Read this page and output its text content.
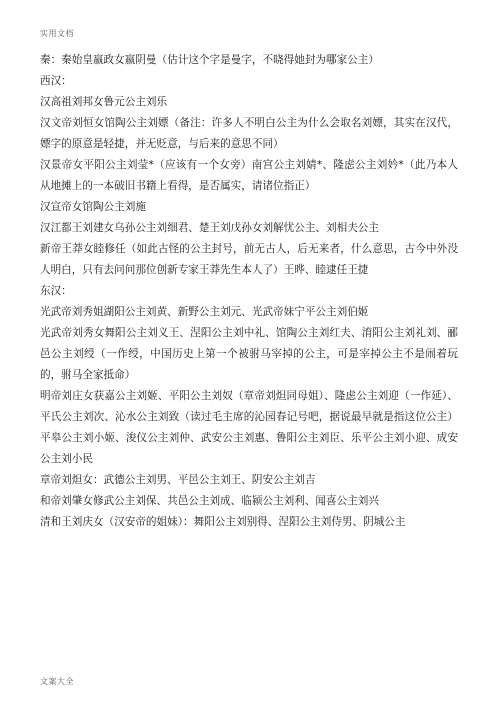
实用文档

秦：秦始皇嬴政女嬴阴曼（估计这个字是曼字，不晓得她封为哪家公主）

西汉：

汉高祖刘邦女鲁元公主刘乐

汉文帝刘恒女馆陶公主刘嫖（备注：许多人不明白公主为什么会取名刘嫖，其实在汉代，嫖字的原意是轻捷，并无贬意，与后来的意思不同）

汉景帝女平阳公主刘莹*（应该有一个女旁）南宫公主刘婧*、隆虑公主刘妗*（此乃本人从地摊上的一本破旧书籍上看得，是否属实，请诸位指正）

汉宣帝女馆陶公主刘施

汉江都王刘建女乌孙公主刘细君、楚王刘戊孙女刘解忧公主、刘相夫公主

新帝王莽女睦修任（如此古怪的公主封号，前无古人，后无来者，什么意思，古今中外没人明白，只有去问问那位创新专家王莽先生本人了）王晔、睦逮任王捷

东汉：

光武帝刘秀姐湖阳公主刘黄、新野公主刘元、光武帝妹宁平公主刘伯姬

光武帝刘秀女舞阳公主刘义王、涅阳公主刘中礼、馆陶公主刘红夫、淯阳公主刘礼刘、郦邑公主刘绶（一作绶，中国历史上第一个被驸马宰掉的公主，可是宰掉公主不是闹着玩的，驸马全家抵命）

明帝刘庄女获嘉公主刘姬、平阳公主刘奴（章帝刘炟同母姐）、隆虑公主刘迎（一作延）、平氏公主刘次、沁水公主刘致（读过毛主席的沁园春记号吧，据说最早就是指这位公主）平皋公主刘小姬、浚仪公主刘仲、武安公主刘惠、鲁阳公主刘臣、乐平公主刘小迎、成安公主刘小民

章帝刘炟女：武德公主刘男、平邑公主刘王、阴安公主刘吉

和帝刘肇女修武公主刘保、共邑公主刘成、临颍公主刘利、闻喜公主刘兴

清和王刘庆女（汉安帝的姐妹）：舞阳公主刘别得、涅阳公主刘侍男、阴城公主

文案大全
